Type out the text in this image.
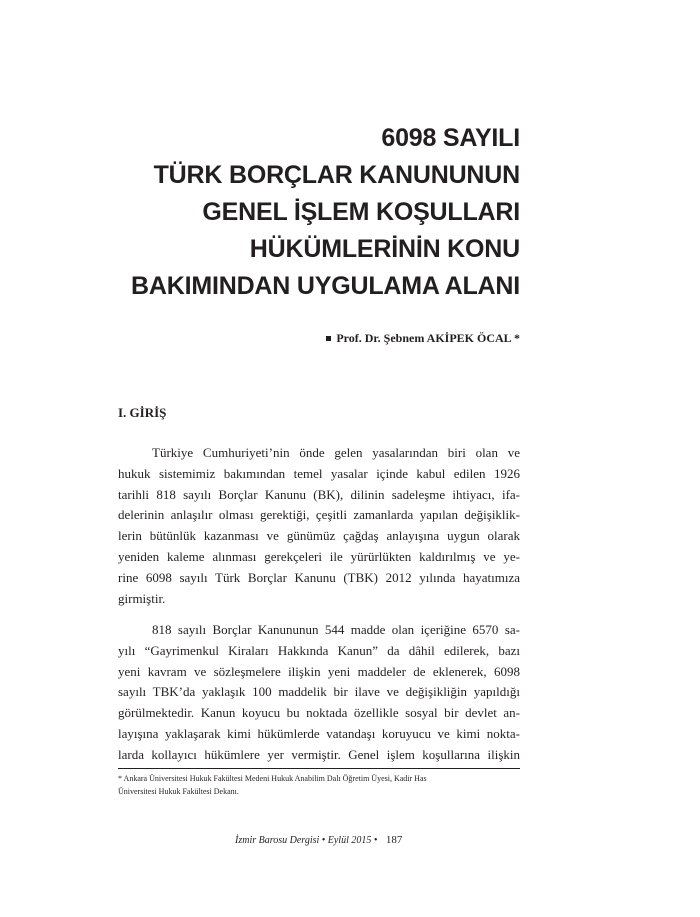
6098 SAYILI
TÜRK BORÇLAR KANUNUNUN
GENEL İŞLEM KOŞULLARI
HÜKÜMLERİNİN KONU
BAKIMINDAN UYGULAMA ALANI
Prof. Dr. Şebnem AKİPEK ÖCAL *
I. GİRİŞ
Türkiye Cumhuriyeti’nin önde gelen yasalarından biri olan ve
hukuk sistemimiz bakımından temel yasalar içinde kabul edilen 1926
tarihli 818 sayılı Borçlar Kanunu (BK), dilinin sadeleşme ihtiyacı, ifa-
delerinin anlaşılır olması gerektiği, çeşitli zamanlarda yapılan değişiklik-
lerin bütünlük kazanması ve günümüz çağdaş anlayışına uygun olarak
yeniden kaleme alınması gerekçeleri ile yürürlükten kaldırılmış ve ye-
rine 6098 sayılı Türk Borçlar Kanunu (TBK) 2012 yılında hayatımıza
girmiştir.
818 sayılı Borçlar Kanununun 544 madde olan içeriğine 6570 sa-
yılı “Gayrimenkul Kiraları Hakkında Kanun” da dâhil edilerek, bazı
yeni kavram ve sözleşmelere ilişkin yeni maddeler de eklenerek, 6098
sayılı TBK’da yaklaşık 100 maddelik bir ilave ve değişikliğin yapıldığı
görülmektedir. Kanun koyucu bu noktada özellikle sosyal bir devlet an-
layışına yaklaşarak kimi hükümlerde vatandaşı koruyucu ve kimi nokta-
larda kollayıcı hükümlere yer vermiştir. Genel işlem koşullarına ilişkin
* Ankara Üniversitesi Hukuk Fakültesi Medeni Hukuk Anabilim Dalı Öğretim Üyesi, Kadir Has
Üniversitesi Hukuk Fakültesi Dekanı.
İzmir Barosu Dergisi • Eylül 2015 • 187
